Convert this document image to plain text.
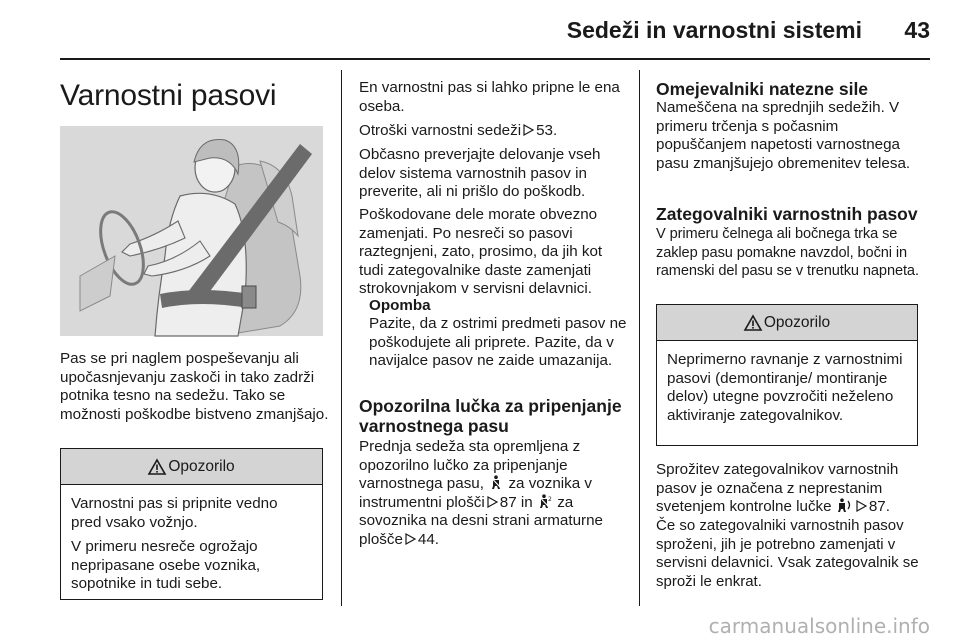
Sedeži in varnostni sistemi 43
Varnostni pasovi

Pas se pri naglem pospeševanju ali upočasnjevanju zaskoči in tako zadrži potnika tesno na sedežu. Tako se možnosti poškodbe bistveno zmanjšajo.

Opozorilo

Varnostni pas si pripnite vedno pred vsako vožnjo.

V primeru nesreče ogrožajo nepripasane osebe voznika, sopotnike in tudi sebe.

En varnostni pas si lahko pripne le ena oseba.

Otroški varnostni sedeži 53.

Občasno preverjajte delovanje vseh delov sistema varnostnih pasov in preverite, ali ni prišlo do poškodb.

Poškodovane dele morate obvezno zamenjati. Po nesreči so pasovi raztegnjeni, zato, prosimo, da jih kot tudi zategovalnike daste zamenjati strokovnjakom v servisni delavnici.

Opomba

Pazite, da z ostrimi predmeti pasov ne poškodujete ali priprete. Pazite, da v navijalce pasov ne zaide umazanija.

Opozorilna lučka za pripenjanje varnostnega pasu

Prednja sedeža sta opremljena z opozorilno lučko za pripenjanje varnostnega pasu, za voznika v instrumentni plošči 87 in	2 za sovoznika na desni strani armaturne plošče 44.

Omejevalniki natezne sile

Nameščena na sprednjih sedežih. V primeru trčenja s počasnim popuščanjem napetosti varnostnega pasu zmanjšujejo obremenitev telesa.

Zategovalniki varnostnih pasov

V primeru čelnega ali bočnega trka se zaklep pasu pomakne navzdol, bočni in ramenski del pasu se v trenutku napneta.

Opozorilo

Neprimerno ravnanje z varnostnimi pasovi (demontiranje/ montiranje delov) utegne povzročiti neželeno aktiviranje zategovalnikov.

Sprožitev zategovalnikov varnostnih pasov je označena z neprestanim svetenjem kontrolne lučke 87.

Če so zategovalniki varnostnih pasov sproženi, jih je potrebno zamenjati v servisni delavnici. Vsak zategovalnik se sproži le enkrat.

carmanualsonline.info
